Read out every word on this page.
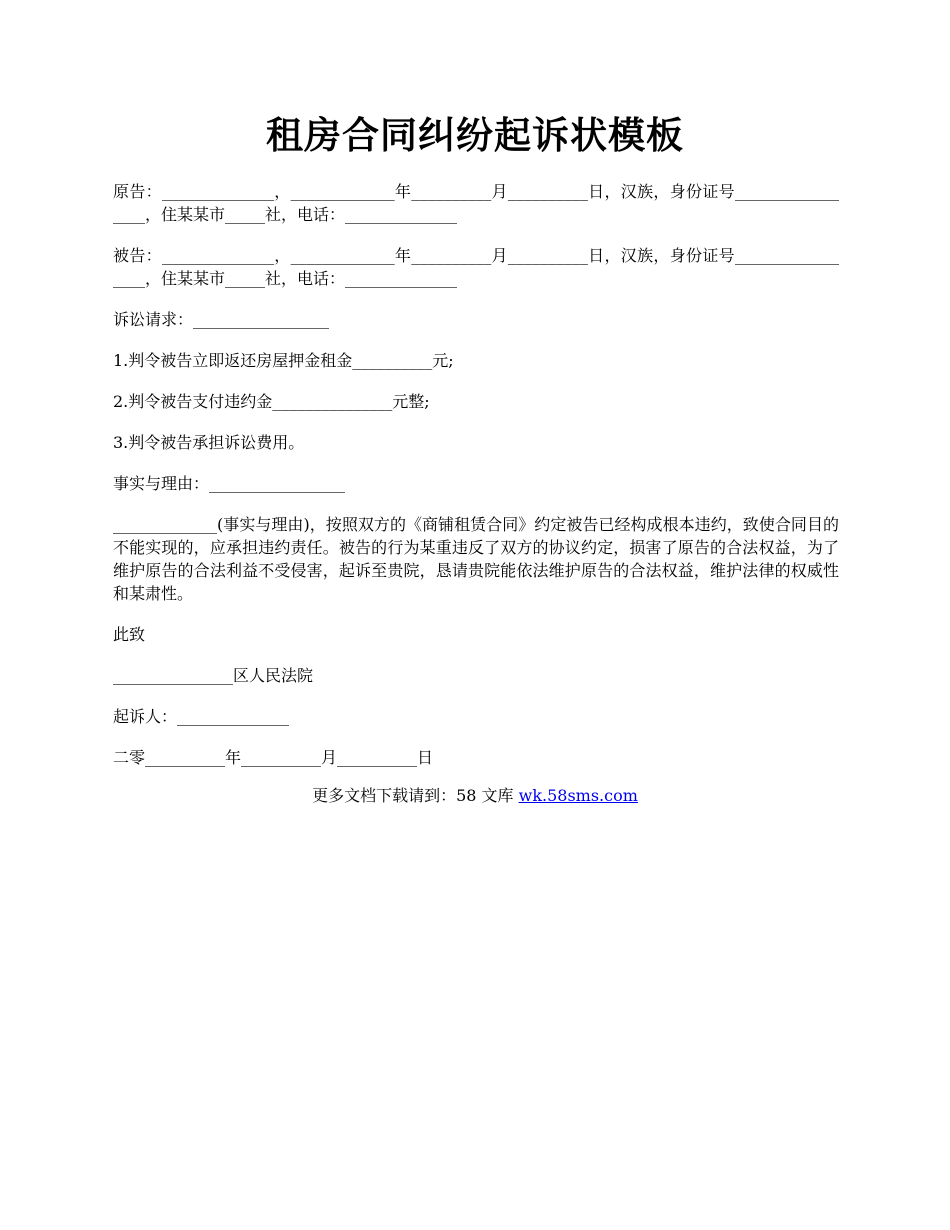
租房合同纠纷起诉状模板

原告：______________，_____________年__________月__________日，汉族，身份证号_________________，住某某市_____社，电话：______________

被告：______________，_____________年__________月__________日，汉族，身份证号_________________，住某某市_____社，电话：______________

诉讼请求：_________________

1.判令被告立即返还房屋押金租金__________元;

2.判令被告支付违约金_______________元整;

3.判令被告承担诉讼费用。

事实与理由：_________________

_____________(事实与理由)，按照双方的《商铺租赁合同》约定被告已经构成根本违约，致使合同目的不能实现的，应承担违约责任。被告的行为某重违反了双方的协议约定，损害了原告的合法权益，为了维护原告的合法利益不受侵害，起诉至贵院，恳请贵院能依法维护原告的合法权益，维护法律的权威性和某肃性。

此致

_______________区人民法院

起诉人：______________

二零__________年__________月__________日

更多文档下载请到：58 文库 wk.58sms.com
